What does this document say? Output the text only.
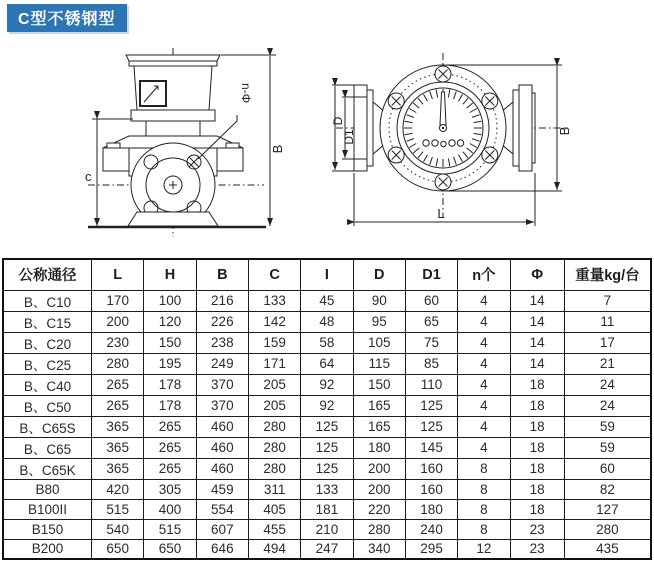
C型不锈钢型
c
B
n-Φ
D
D1	B
L
公称通径	L	H	B	C	I	D	D1	n个	Φ	重量kg/台
B、C10	170	100	216	133	45	90	60	4	14	7
B、C15	200	120	226	142	48	95	65	4	14	11
B、C20	230	150	238	159	58	105	75	4	14	17
B、C25	280	195	249	171	64	115	85	4	14	21
B、C40	265	178	370	205	92	150	110	4	18	24
B、C50	265	178	370	205	92	165	125	4	18	24
B、C65S	365	265	460	280	125	165	125	4	18	59
B、C65	365	265	460	280	125	180	145	4	18	59
B、C65K	365	265	460	280	125	200	160	8	18	60
B80	420	305	459	311	133	200	160	8	18	82
B100II	515	400	554	405	181	220	180	8	18	127
B150	540	515	607	455	210	280	240	8	23	280
B200	650	650	646	494	247	340	295	12	23	435
